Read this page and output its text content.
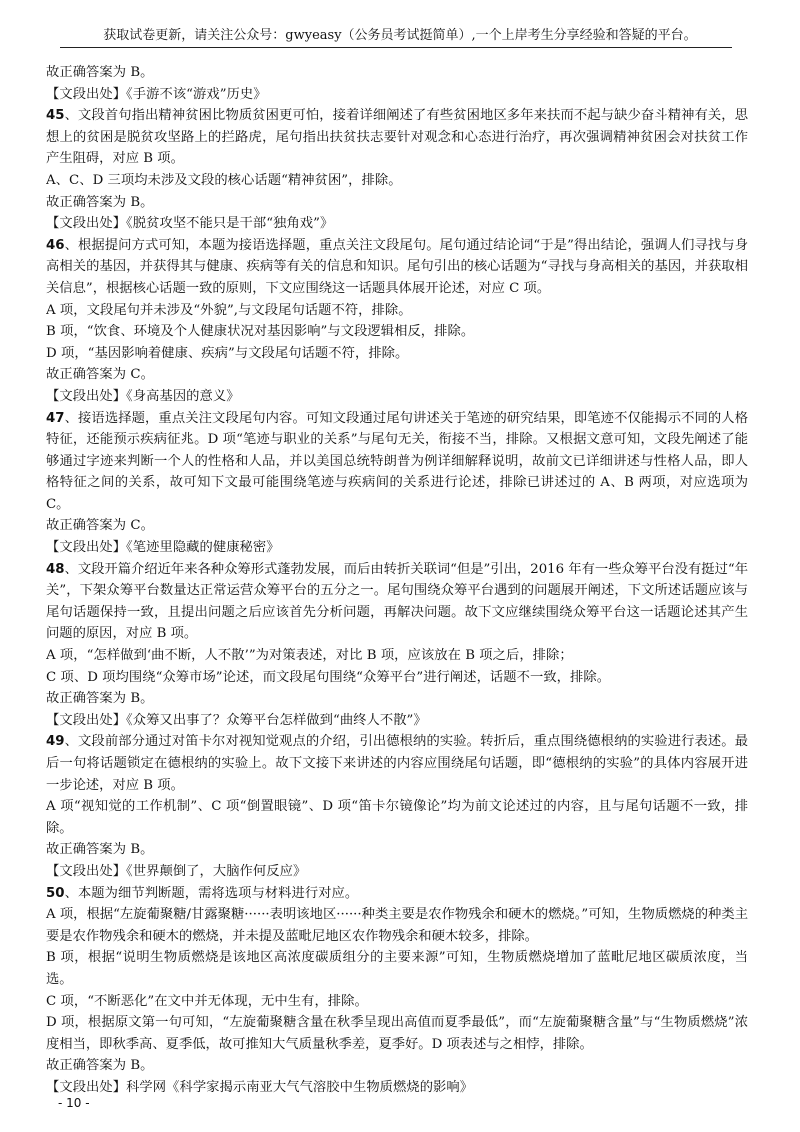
获取试卷更新，请关注公众号：gwyeasy（公务员考试挺简单）,一个上岸考生分享经验和答疑的平台。
故正确答案为 B。
【文段出处】《手游不该“游戏”历史》
45、文段首句指出精神贫困比物质贫困更可怕，接着详细阐述了有些贫困地区多年来扶而不起与缺少奋斗精神有关，思想上的贫困是脱贫攻坚路上的拦路虎，尾句指出扶贫扶志要针对观念和心态进行治疗，再次强调精神贫困会对扶贫工作产生阻碍，对应 B 项。
A、C、D 三项均未涉及文段的核心话题“精神贫困”，排除。
故正确答案为 B。
【文段出处】《脱贫攻坚不能只是干部“独角戏”》
46、根据提问方式可知，本题为接语选择题，重点关注文段尾句。尾句通过结论词“于是”得出结论，强调人们寻找与身高相关的基因，并获得其与健康、疾病等有关的信息和知识。尾句引出的核心话题为“寻找与身高相关的基因，并获取相关信息”，根据核心话题一致的原则，下文应围绕这一话题具体展开论述，对应 C 项。
A 项，文段尾句并未涉及“外貌”,与文段尾句话题不符，排除。
B 项，“饮食、环境及个人健康状况对基因影响”与文段逻辑相反，排除。
D 项，“基因影响着健康、疾病”与文段尾句话题不符，排除。
故正确答案为 C。
【文段出处】《身高基因的意义》
47、接语选择题，重点关注文段尾句内容。可知文段通过尾句讲述关于笔迹的研究结果，即笔迹不仅能揭示不同的人格特征，还能预示疾病征兆。D 项“笔迹与职业的关系”与尾句无关，衔接不当，排除。又根据文意可知，文段先阐述了能够通过字迹来判断一个人的性格和人品，并以美国总统特朗普为例详细解释说明，故前文已详细讲述与性格人品，即人格特征之间的关系，故可知下文最可能围绕笔迹与疾病间的关系进行论述，排除已讲述过的 A、B 两项，对应选项为 C。
故正确答案为 C。
【文段出处】《笔迹里隐藏的健康秘密》
48、文段开篇介绍近年来各种众筹形式蓬勃发展，而后由转折关联词“但是”引出，2016 年有一些众筹平台没有挺过“年关”，下架众筹平台数量达正常运营众筹平台的五分之一。尾句围绕众筹平台遇到的问题展开阐述，下文所述话题应该与尾句话题保持一致，且提出问题之后应该首先分析问题，再解决问题。故下文应继续围绕众筹平台这一话题论述其产生问题的原因，对应 B 项。
A 项，“怎样做到‘曲不断，人不散’”为对策表述，对比 B 项，应该放在 B 项之后，排除；
C 项、D 项均围绕“众筹市场”论述，而文段尾句围绕“众筹平台”进行阐述，话题不一致，排除。
故正确答案为 B。
【文段出处】《众筹又出事了？众筹平台怎样做到“曲终人不散”》
49、文段前部分通过对笛卡尔对视知觉观点的介绍，引出德根纳的实验。转折后，重点围绕德根纳的实验进行表述。最后一句将话题锁定在德根纳的实验上。故下文接下来讲述的内容应围绕尾句话题，即“德根纳的实验”的具体内容展开进一步论述，对应 B 项。
A 项“视知觉的工作机制”、C 项“倒置眼镜”、D 项“笛卡尔镜像论”均为前文论述过的内容，且与尾句话题不一致，排除。
故正确答案为 B。
【文段出处】《世界颠倒了，大脑作何反应》
50、本题为细节判断题，需将选项与材料进行对应。
A 项，根据“左旋葡聚糖/甘露聚糖······表明该地区······种类主要是农作物残余和硬木的燃烧。”可知，生物质燃烧的种类主要是农作物残余和硬木的燃烧，并未提及蓝毗尼地区农作物残余和硬木较多，排除。
B 项，根据“说明生物质燃烧是该地区高浓度碳质组分的主要来源”可知，生物质燃烧增加了蓝毗尼地区碳质浓度，当选。
C 项，“不断恶化”在文中并无体现，无中生有，排除。
D 项，根据原文第一句可知，“左旋葡聚糖含量在秋季呈现出高值而夏季最低”，而“左旋葡聚糖含量”与“生物质燃烧”浓度相当，即秋季高、夏季低，故可推知大气质量秋季差，夏季好。D 项表述与之相悖，排除。
故正确答案为 B。
【文段出处】科学网《科学家揭示南亚大气气溶胶中生物质燃烧的影响》
- 10 -
